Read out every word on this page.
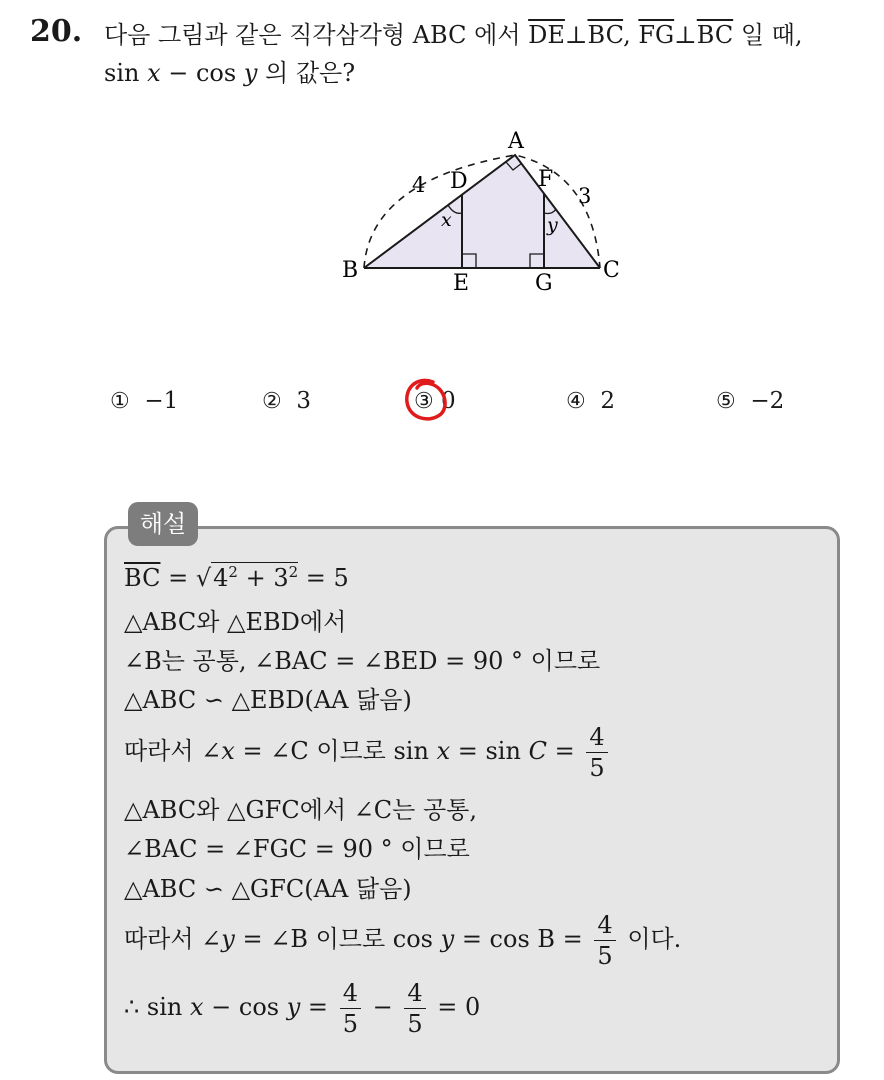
20. 다음 그림과 같은 직각삼각형 ABC 에서 $\overline{DE}\perp\overline{BC}$, $\overline{FG}\perp\overline{BC}$ 일 때,
sin x − cos y 의 값은?
A
B	C
D
E
F
G
4	3
x	y
① −1	② 3	③ 0	④ 2	⑤ −2
해설
$\overline{BC} = √4^2 + 3^2 = 5$
△ABC와 △EBD에서
∠B는 공통, ∠BAC = ∠BED = 90 ° 이므로
△ABC ∽ △EBD(AA 닮음)
따라서 ∠x = ∠C 이므로 $\sin x = \sin C = \frac{4}{5}$
△ABC와 △GFC에서 ∠C는 공통,
∠BAC = ∠FGC = 90 ° 이므로
△ABC ∽ △GFC(AA 닮음)
따라서 ∠y = ∠B 이므로 $\cos y = \cos B = \frac{4}{5}$ 이다.
∴ $\sin x - \cos y = \frac{4}{5} - \frac{4}{5} = 0$
